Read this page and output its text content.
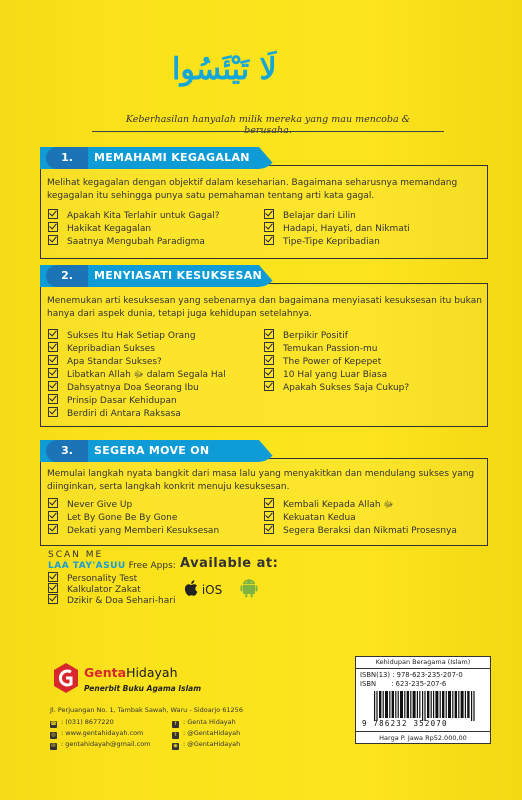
لَا تَيْئَسُوا
Keberhasilan hanyalah milik mereka yang mau mencoba & berusaha.
1.	MEMAHAMI KEGAGALAN
Melihat kegagalan dengan objektif dalam keseharian. Bagaimana seharusnya memandang kegagalan itu sehingga punya satu pemahaman tentang arti kata gagal.
Apakah Kita Terlahir untuk Gagal?
Hakikat Kegagalan
Saatnya Mengubah Paradigma
Belajar dari Lilin
Hadapi, Hayati, dan Nikmati
Tipe-Tipe Kepribadian
2.	MENYIASATI KESUKSESAN
Menemukan arti kesuksesan yang sebenarnya dan bagaimana menyiasati kesuksesan itu bukan hanya dari aspek dunia, tetapi juga kehidupan setelahnya.
Sukses Itu Hak Setiap Orang
Kepribadian Sukses
Apa Standar Sukses?
Libatkan Allah ﷻ dalam Segala Hal
Dahsyatnya Doa Seorang Ibu
Prinsip Dasar Kehidupan
Berdiri di Antara Raksasa
Berpikir Positif
Temukan Passion-mu
The Power of Kepepet
10 Hal yang Luar Biasa
Apakah Sukses Saja Cukup?
3.	SEGERA MOVE ON
Memulai langkah nyata bangkit dari masa lalu yang menyakitkan dan mendulang sukses yang diinginkan, serta langkah konkrit menuju kesuksesan.
Never Give Up
Let By Gone Be By Gone
Dekati yang Memberi Kesuksesan
Kembali Kepada Allah ﷻ
Kekuatan Kedua
Segera Beraksi dan Nikmati Prosesnya
SCAN ME
LAA TAY'ASUU Free Apps:
Personality Test
Kalkulator Zakat
Dzikir & Doa Sehari-hari
Available at:
iOS
GentaHidayah
Penerbit Buku Agama Islam
Jl. Perjuangan No. 1, Tambak Sawah, Waru - Sidoarjo 61256
☎ : (031) 8677220
◎ : www.gentahidayah.com
✉ : gentahidayah@gmail.com
f : Genta Hidayah
t : @GentaHidayah
◉ : @GentaHidayah
Kehidupan Beragama (Islam)
ISBN(13) : 978-623-235-207-0
ISBN : 623-235-207-6
9 786232 352070
Harga P. Jawa Rp52.000,00
